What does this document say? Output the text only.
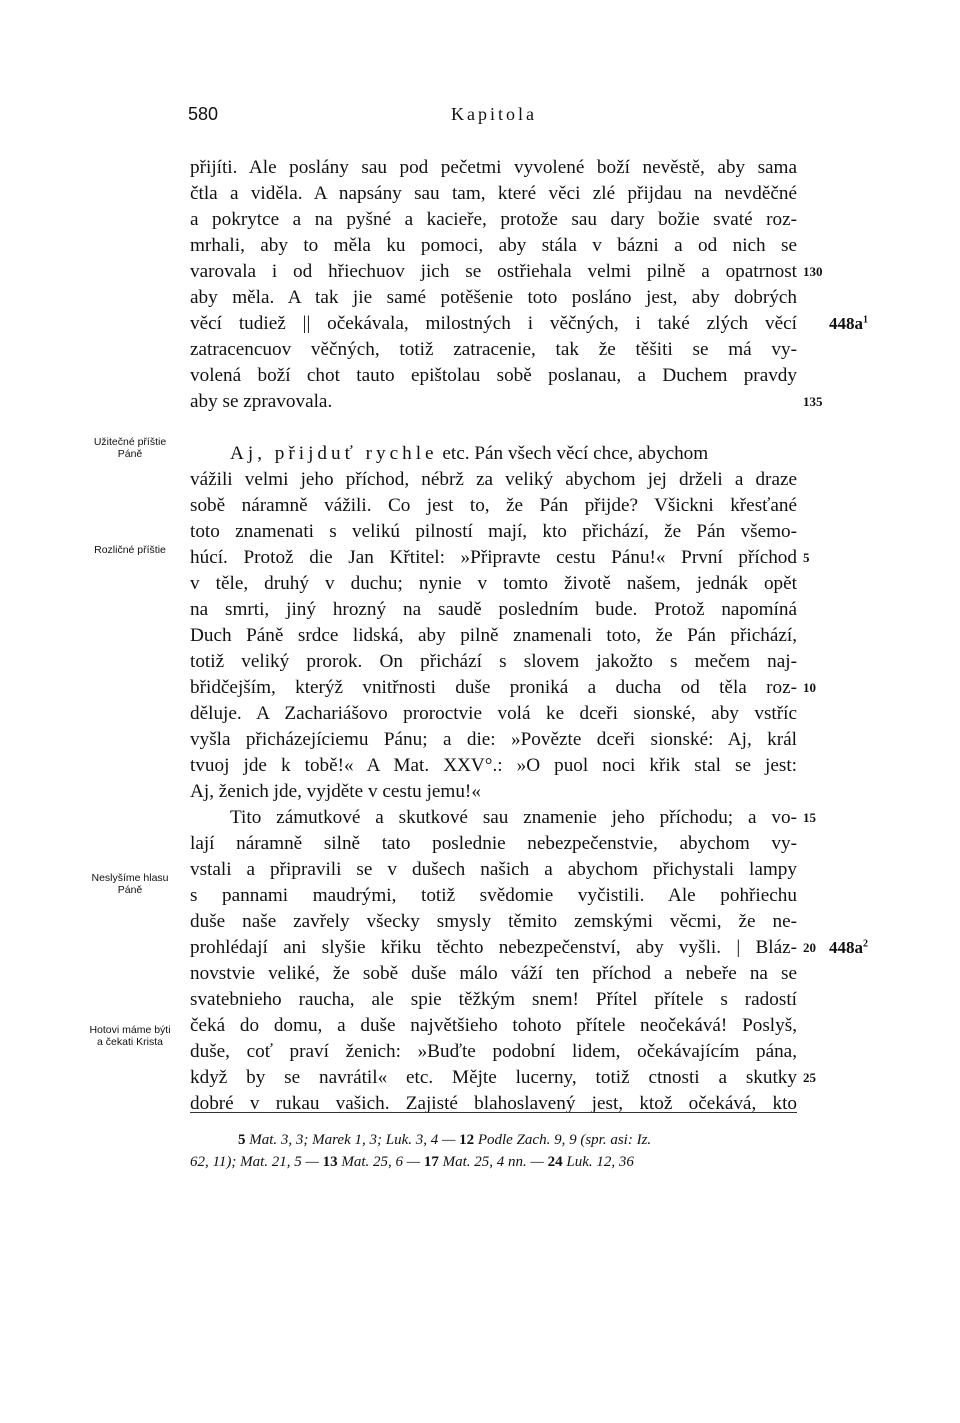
580	Kapitola
přijíti. Ale poslány sau pod pečetmi vyvolené boží nevěstě, aby sama
čtla a viděla. A napsány sau tam, které věci zlé přijdau na nevděčné
a pokrytce a na pyšné a kacieře, protože sau dary božie svaté roz-
mrhali, aby to měla ku pomoci, aby stála v bázni a od nich se
varovala i od hřiechuov jich se ostřiehala velmi pilně a opatrnost
aby měla. A tak jie samé potěšenie toto posláno jest, aby dobrých
věcí tudiež || očekávala, milostných i věčných, i také zlých věcí
zatracencuov věčných, totiž zatracenie, tak že těšiti se má vy-
volená boží chot tauto epištolau sobě poslanau, a Duchem pravdy
aby se zpravovala.
Aj, přijduť rychle etc. Pán všech věcí chce, abychom
vážili velmi jeho příchod, nébrž za veliký abychom jej drželi a draze
sobě náramně vážili. Co jest to, že Pán přijde? Všickni křesťané
toto znamenati s velikú pilností mají, kto přichází, že Pán všemo-
húcí. Protož die Jan Křtitel: »Připravte cestu Pánu!« První příchod
v těle, druhý v duchu; nynie v tomto životě našem, jednák opět
na smrti, jiný hrozný na saudě posledním bude. Protož napomíná
Duch Páně srdce lidská, aby pilně znamenali toto, že Pán přichází,
totiž veliký prorok. On přichází s slovem jakožto s mečem naj-
břidčejším, kterýž vnitřnosti duše proniká a ducha od těla roz-
děluje. A Zachariášovo proroctvie volá ke dceři sionské, aby vstříc
vyšla přicházejíciemu Pánu; a die: »Povězte dceři sionské: Aj, král
tvuoj jde k tobě!« A Mat. XXV°.: »O puol noci křik stal se jest:
Aj, ženich jde, vyjděte v cestu jemu!«
Tito zámutkové a skutkové sau znamenie jeho příchodu; a vo-
lají náramně silně tato poslednie nebezpečenstvie, abychom vy-
vstali a připravili se v dušech našich a abychom přichystali lampy
s pannami maudrými, totiž svědomie vyčistili. Ale pohřiechu
duše naše zavřely všecky smysly těmito zemskými věcmi, že ne-
prohlédají ani slyšie křiku těchto nebezpečenství, aby vyšli. | Bláz-
novstvie veliké, že sobě duše málo váží ten příchod a nebeře na se
svatebnieho raucha, ale spie těžkým snem! Přítel přítele s radostí
čeká do domu, a duše najvětšieho tohoto přítele neočekává! Poslyš,
duše, coť praví ženich: »Buďte podobní lidem, očekávajícím pána,
když by se navrátil« etc. Mějte lucerny, totiž ctnosti a skutky
dobré v rukau vašich. Zajisté blahoslavený jest, ktož očekává, kto
130
135
5
10
15
20
25
$448a^1$
$448a^2$
Užitečné příštie
Páně
Rozličné příštie
Neslyšíme hlasu
Páně
Hotovi máme býti
a čekati Krista
5 Mat. 3, 3; Marek 1, 3; Luk. 3, 4 — 12 Podle Zach. 9, 9 (spr. asi: Iz.
62, 11); Mat. 21, 5 — 13 Mat. 25, 6 — 17 Mat. 25, 4 nn. — 24 Luk. 12, 36
